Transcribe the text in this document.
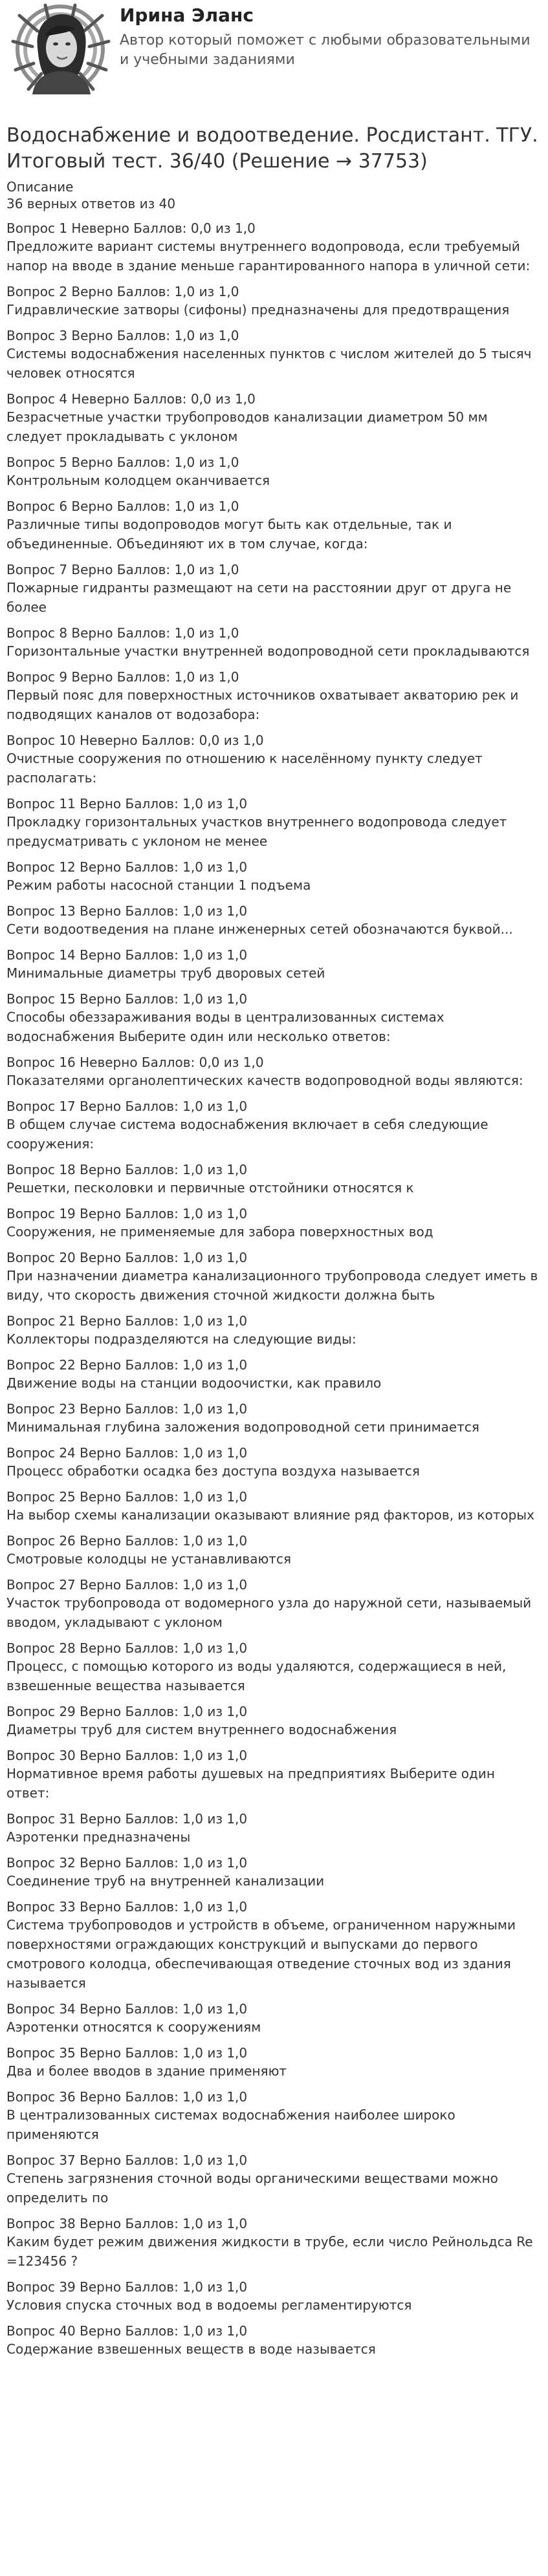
Ирина Эланс

Автор который поможет с любыми образовательными и учебными заданиями

Водоснабжение и водоотведение. Росдистант. ТГУ. Итоговый тест. 36/40 (Решение → 37753)

Описание

36 верных ответов из 40

Вопрос 1 Неверно Баллов: 0,0 из 1,0

Предложите вариант системы внутреннего водопровода, если требуемый напор на вводе в здание меньше гарантированного напора в уличной сети:

Вопрос 2 Верно Баллов: 1,0 из 1,0

Гидравлические затворы (сифоны) предназначены для предотвращения

Вопрос 3 Верно Баллов: 1,0 из 1,0

Системы водоснабжения населенных пунктов с числом жителей до 5 тысяч человек относятся

Вопрос 4 Неверно Баллов: 0,0 из 1,0

Безрасчетные участки трубопроводов канализации диаметром 50 мм следует прокладывать с уклоном

Вопрос 5 Верно Баллов: 1,0 из 1,0

Контрольным колодцем оканчивается

Вопрос 6 Верно Баллов: 1,0 из 1,0

Различные типы водопроводов могут быть как отдельные, так и объединенные. Объединяют их в том случае, когда:

Вопрос 7 Верно Баллов: 1,0 из 1,0

Пожарные гидранты размещают на сети на расстоянии друг от друга не более

Вопрос 8 Верно Баллов: 1,0 из 1,0

Горизонтальные участки внутренней водопроводной сети прокладываются

Вопрос 9 Верно Баллов: 1,0 из 1,0

Первый пояс для поверхностных источников охватывает акваторию рек и подводящих каналов от водозабора:

Вопрос 10 Неверно Баллов: 0,0 из 1,0

Очистные сооружения по отношению к населённому пункту следует располагать:

Вопрос 11 Верно Баллов: 1,0 из 1,0

Прокладку горизонтальных участков внутреннего водопровода следует предусматривать с уклоном не менее

Вопрос 12 Верно Баллов: 1,0 из 1,0

Режим работы насосной станции 1 подъема

Вопрос 13 Верно Баллов: 1,0 из 1,0

Сети водоотведения на плане инженерных сетей обозначаются буквой...

Вопрос 14 Верно Баллов: 1,0 из 1,0

Минимальные диаметры труб дворовых сетей

Вопрос 15 Верно Баллов: 1,0 из 1,0

Способы обеззараживания воды в централизованных системах водоснабжения Выберите один или несколько ответов:

Вопрос 16 Неверно Баллов: 0,0 из 1,0

Показателями органолептических качеств водопроводной воды являются:

Вопрос 17 Верно Баллов: 1,0 из 1,0

В общем случае система водоснабжения включает в себя следующие сооружения:

Вопрос 18 Верно Баллов: 1,0 из 1,0

Решетки, песколовки и первичные отстойники относятся к

Вопрос 19 Верно Баллов: 1,0 из 1,0

Сооружения, не применяемые для забора поверхностных вод

Вопрос 20 Верно Баллов: 1,0 из 1,0

При назначении диаметра канализационного трубопровода следует иметь в виду, что скорость движения сточной жидкости должна быть

Вопрос 21 Верно Баллов: 1,0 из 1,0

Коллекторы подразделяются на следующие виды:

Вопрос 22 Верно Баллов: 1,0 из 1,0

Движение воды на станции водоочистки, как правило

Вопрос 23 Верно Баллов: 1,0 из 1,0

Минимальная глубина заложения водопроводной сети принимается

Вопрос 24 Верно Баллов: 1,0 из 1,0

Процесс обработки осадка без доступа воздуха называется

Вопрос 25 Верно Баллов: 1,0 из 1,0

На выбор схемы канализации оказывают влияние ряд факторов, из которых

Вопрос 26 Верно Баллов: 1,0 из 1,0

Смотровые колодцы не устанавливаются

Вопрос 27 Верно Баллов: 1,0 из 1,0

Участок трубопровода от водомерного узла до наружной сети, называемый вводом, укладывают с уклоном

Вопрос 28 Верно Баллов: 1,0 из 1,0

Процесс, с помощью которого из воды удаляются, содержащиеся в ней, взвешенные вещества называется

Вопрос 29 Верно Баллов: 1,0 из 1,0

Диаметры труб для систем внутреннего водоснабжения

Вопрос 30 Верно Баллов: 1,0 из 1,0

Нормативное время работы душевых на предприятиях Выберите один ответ:

Вопрос 31 Верно Баллов: 1,0 из 1,0

Аэротенки предназначены

Вопрос 32 Верно Баллов: 1,0 из 1,0

Соединение труб на внутренней канализации

Вопрос 33 Верно Баллов: 1,0 из 1,0

Система трубопроводов и устройств в объеме, ограниченном наружными поверхностями ограждающих конструкций и выпусками до первого смотрового колодца, обеспечивающая отведение сточных вод из здания называется

Вопрос 34 Верно Баллов: 1,0 из 1,0

Аэротенки относятся к сооружениям

Вопрос 35 Верно Баллов: 1,0 из 1,0

Два и более вводов в здание применяют

Вопрос 36 Верно Баллов: 1,0 из 1,0

В централизованных системах водоснабжения наиболее широко применяются

Вопрос 37 Верно Баллов: 1,0 из 1,0

Степень загрязнения сточной воды органическими веществами можно определить по

Вопрос 38 Верно Баллов: 1,0 из 1,0

Каким будет режим движения жидкости в трубе, если число Рейнольдса Re =123456 ?

Вопрос 39 Верно Баллов: 1,0 из 1,0

Условия спуска сточных вод в водоемы регламентируются

Вопрос 40 Верно Баллов: 1,0 из 1,0

Содержание взвешенных веществ в воде называется
